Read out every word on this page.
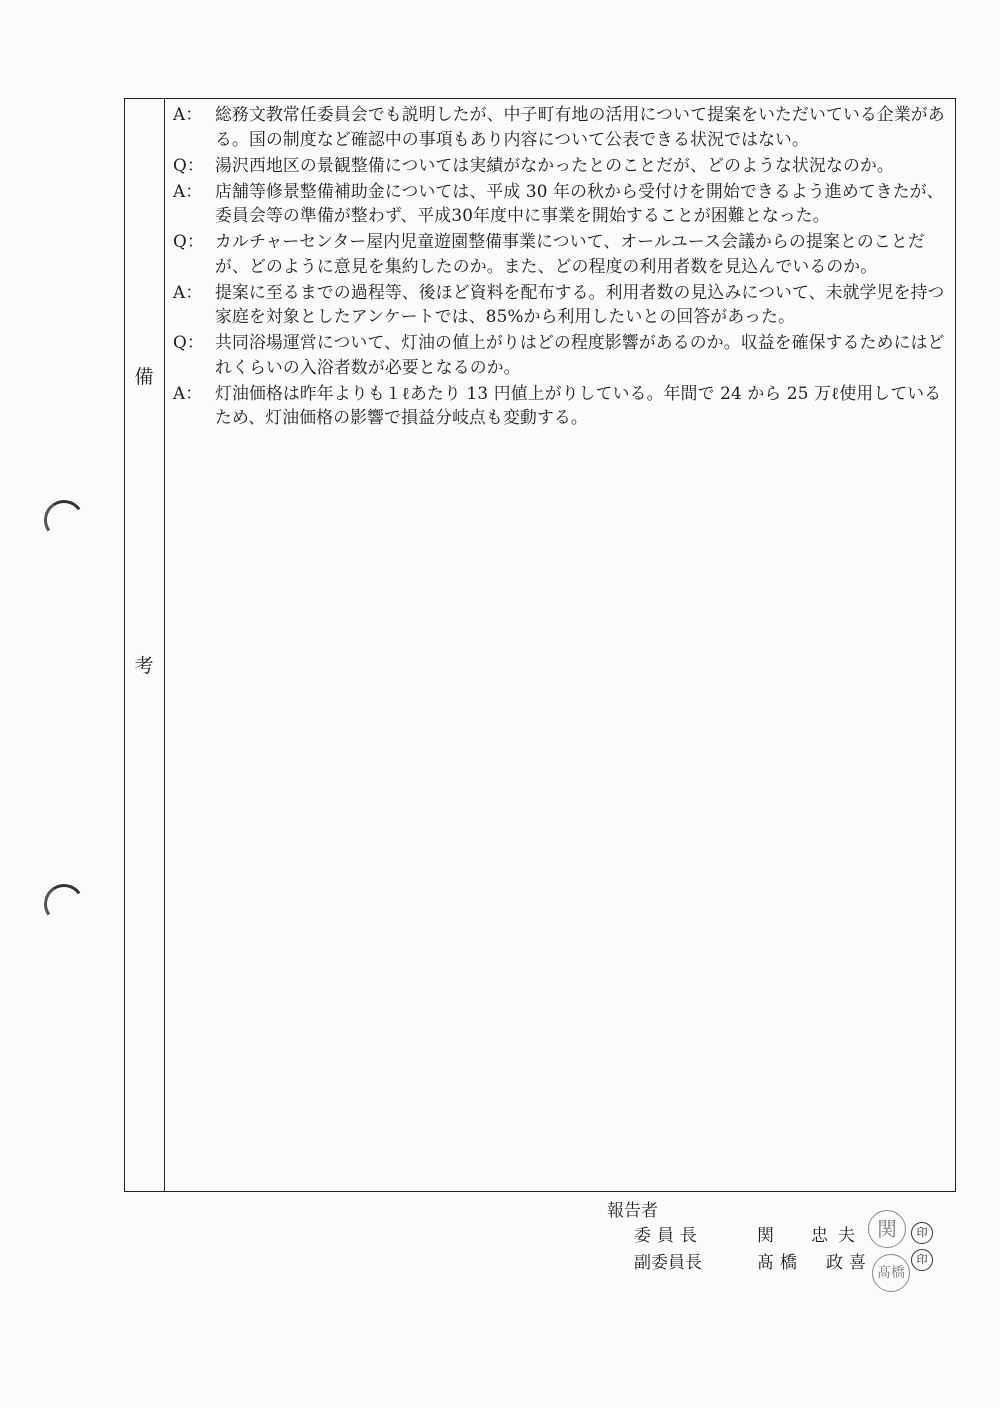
備
考
A： 総務文教常任委員会でも説明したが、中子町有地の活用について提案をいただいている企業がある。国の制度など確認中の事項もあり内容について公表できる状況ではない。
Q： 湯沢西地区の景観整備については実績がなかったとのことだが、どのような状況なのか。
A： 店舗等修景整備補助金については、平成 30 年の秋から受付けを開始できるよう進めてきたが、委員会等の準備が整わず、平成30年度中に事業を開始することが困難となった。
Q： カルチャーセンター屋内児童遊園整備事業について、オールユース会議からの提案とのことだが、どのように意見を集約したのか。また、どの程度の利用者数を見込んでいるのか。
A： 提案に至るまでの過程等、後ほど資料を配布する。利用者数の見込みについて、未就学児を持つ家庭を対象としたアンケートでは、85%から利用したいとの回答があった。
Q： 共同浴場運営について、灯油の値上がりはどの程度影響があるのか。収益を確保するためにはどれくらいの入浴者数が必要となるのか。
A： 灯油価格は昨年よりも１ℓあたり 13 円値上がりしている。年間で 24 から 25 万ℓ使用しているため、灯油価格の影響で損益分岐点も変動する。
報告者
委員長	関　忠夫	印
副委員長	髙橋　政喜	印
関
髙橋
